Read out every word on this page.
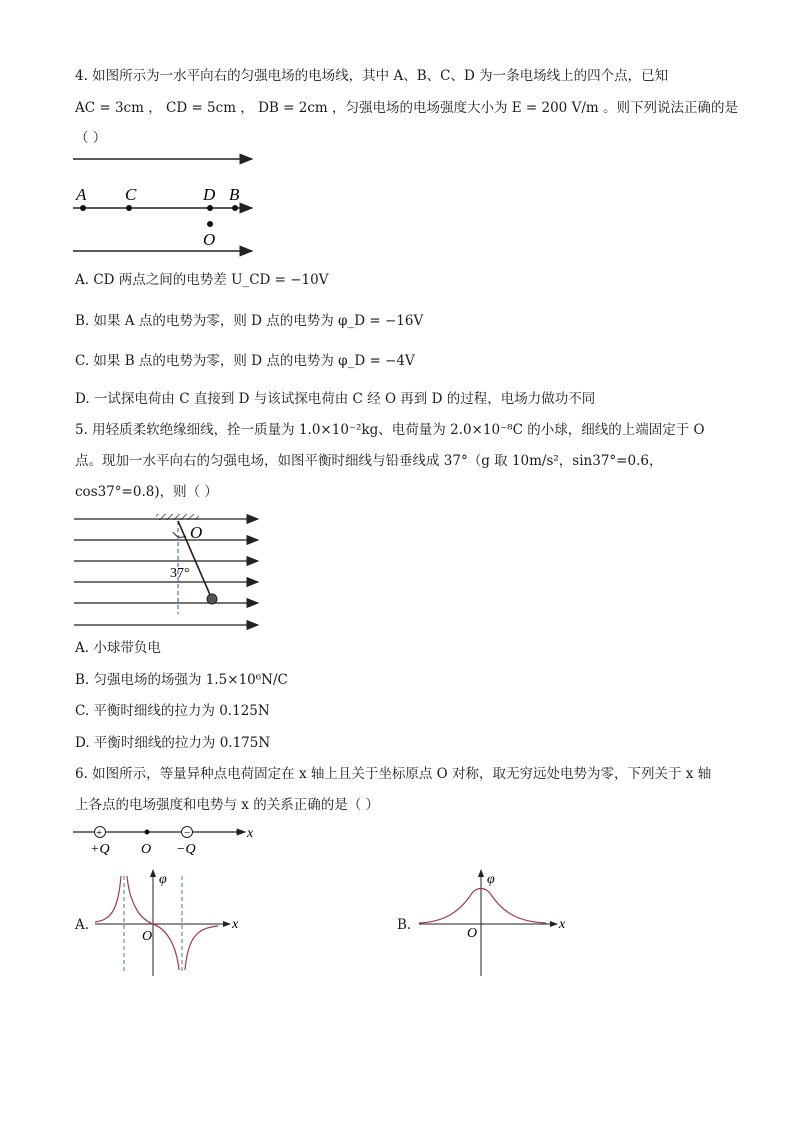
4. 如图所示为一水平向右的匀强电场的电场线，其中 A、B、C、D 为一条电场线上的四个点，已知
AC = 3cm ， CD = 5cm ， DB = 2cm ，匀强电场的电场强度大小为 E = 200 V/m 。则下列说法正确的是
（ ）
A C	D B
O
A. CD 两点之间的电势差 U_CD = −10V
B. 如果 A 点的电势为零，则 D 点的电势为 φ_D = −16V
C. 如果 B 点的电势为零，则 D 点的电势为 φ_D = −4V
D. 一试探电荷由 C 直接到 D 与该试探电荷由 C 经 O 再到 D 的过程，电场力做功不同
5. 用轻质柔软绝缘细线，拴一质量为 1.0×10⁻²kg、电荷量为 2.0×10⁻⁸C 的小球，细线的上端固定于 O
点。现加一水平向右的匀强电场，如图平衡时细线与铅垂线成 37°（g 取 10m/s²，sin37°=0.6，
cos37°=0.8)，则（ ）
O
37°
A. 小球带负电
B. 匀强电场的场强为 1.5×10⁶N/C
C. 平衡时细线的拉力为 0.125N
D. 平衡时细线的拉力为 0.175N
6. 如图所示，等量异种点电荷固定在 x 轴上且关于坐标原点 O 对称，取无穷远处电势为零，下列关于 x 轴
上各点的电场强度和电势与 x 的关系正确的是（ ）
+	−	x
+Q O −Q
A.
φ
x
O
B.
φ
x
O
